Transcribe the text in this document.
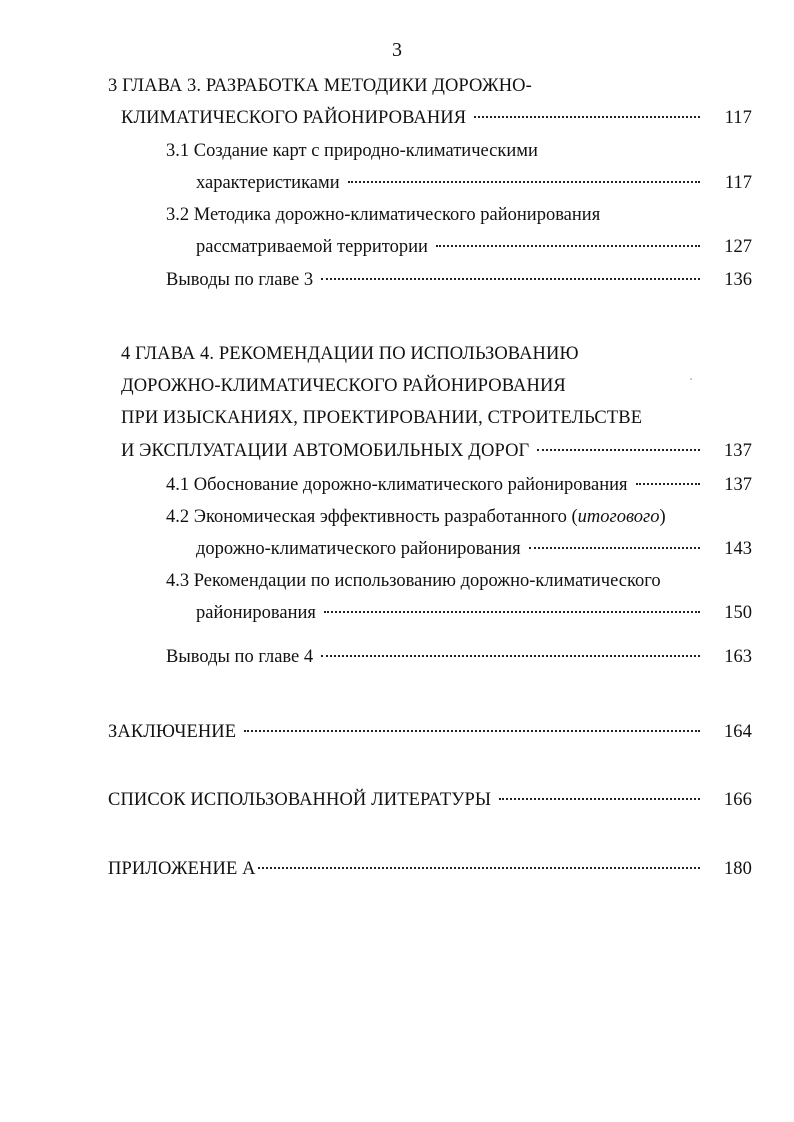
3
3 ГЛАВА 3. РАЗРАБОТКА МЕТОДИКИ ДОРОЖНО-
КЛИМАТИЧЕСКОГО РАЙОНИРОВАНИЯ	117
3.1 Создание карт с природно-климатическими
характеристиками	117
3.2 Методика дорожно-климатического районирования
рассматриваемой территории	127
Выводы по главе 3	136
4 ГЛАВА 4. РЕКОМЕНДАЦИИ ПО ИСПОЛЬЗОВАНИЮ
ДОРОЖНО-КЛИМАТИЧЕСКОГО РАЙОНИРОВАНИЯ
ПРИ ИЗЫСКАНИЯХ, ПРОЕКТИРОВАНИИ, СТРОИТЕЛЬСТВЕ
И ЭКСПЛУАТАЦИИ АВТОМОБИЛЬНЫХ ДОРОГ	137
4.1 Обоснование дорожно-климатического районирования	137
4.2 Экономическая эффективность разработанного (итогового)
дорожно-климатического районирования	143
4.3 Рекомендации по использованию дорожно-климатического
районирования	150
Выводы по главе 4	163
ЗАКЛЮЧЕНИЕ	164
СПИСОК ИСПОЛЬЗОВАННОЙ ЛИТЕРАТУРЫ	166
ПРИЛОЖЕНИЕ А	180
